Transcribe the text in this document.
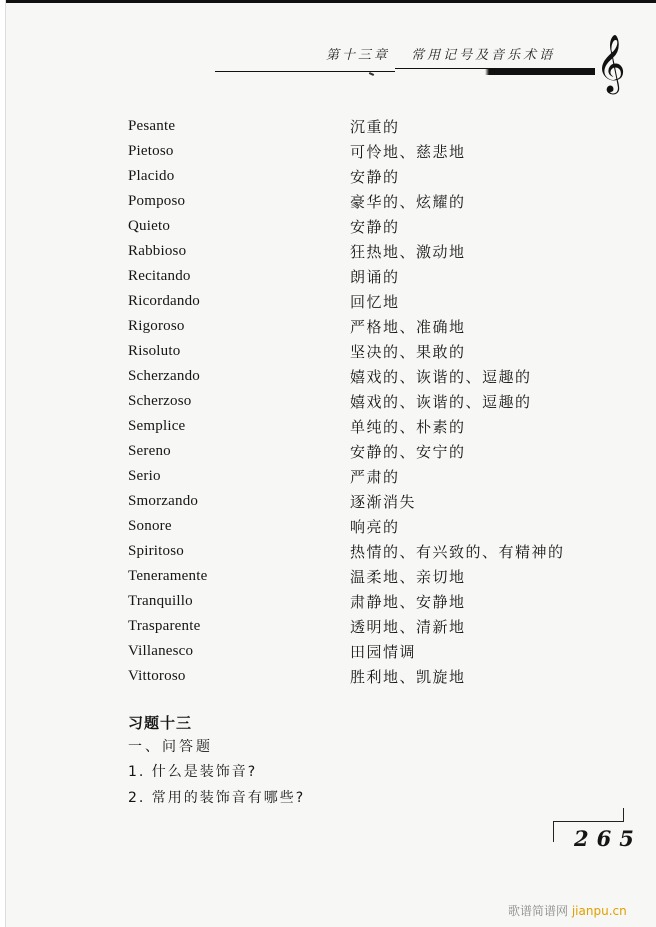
第十三章 常用记号及音乐术语 𝄞
Pesante	沉重的
Pietoso	可怜地、慈悲地
Placido	安静的
Pomposo	豪华的、炫耀的
Quieto	安静的
Rabbioso	狂热地、激动地
Recitando	朗诵的
Ricordando	回忆地
Rigoroso	严格地、准确地
Risoluto	坚决的、果敢的
Scherzando	嬉戏的、诙谐的、逗趣的
Scherzoso	嬉戏的、诙谐的、逗趣的
Semplice	单纯的、朴素的
Sereno	安静的、安宁的
Serio	严肃的
Smorzando	逐渐消失
Sonore	响亮的
Spiritoso	热情的、有兴致的、有精神的
Teneramente	温柔地、亲切地
Tranquillo	肃静地、安静地
Trasparente	透明地、清新地
Villanesco	田园情调
Vittoroso	胜利地、凯旋地
习题十三
一、问答题
1. 什么是装饰音?
2. 常用的装饰音有哪些?
265
歌谱简谱网 jianpu.cn
